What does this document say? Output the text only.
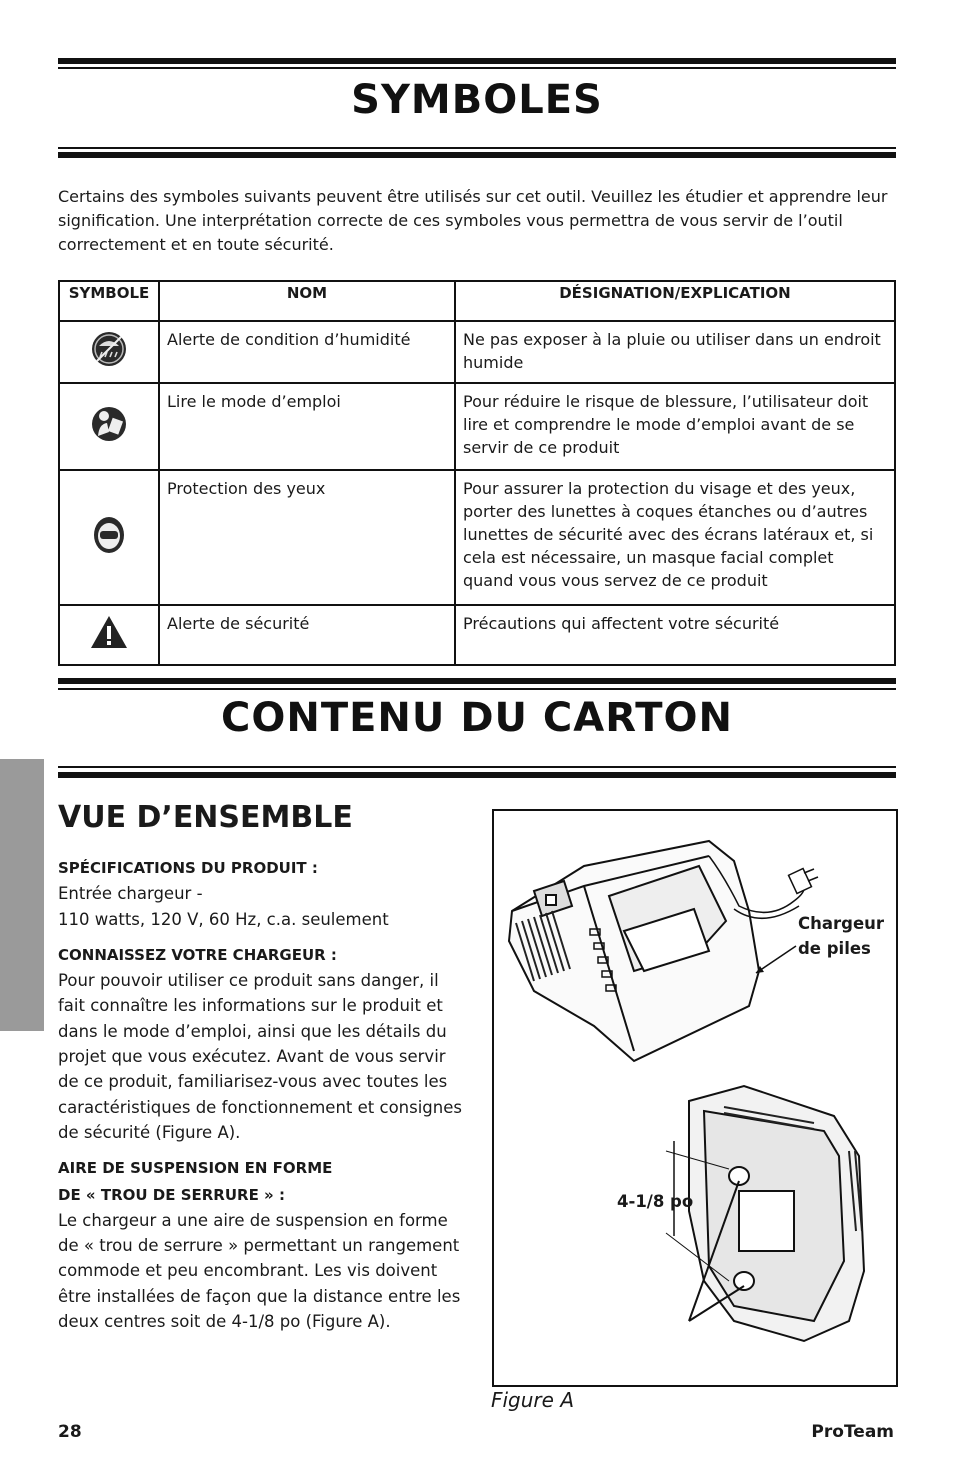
SYMBOLES

Certains des symboles suivants peuvent être utilisés sur cet outil. Veuillez les étudier et apprendre leur signification. Une interprétation correcte de ces symboles vous permettra de vous servir de l’outil correctement et en toute sécurité.

SYMBOLE	NOM	DÉSIGNATION/EXPLICATION
	Alerte de condition d’humidité	Ne pas exposer à la pluie ou utiliser dans un endroit humide
	Lire le mode d’emploi	Pour réduire le risque de blessure, l’utilisateur doit lire et comprendre le mode d’emploi avant de se servir de ce produit
	Protection des yeux	Pour assurer la protection du visage et des yeux, porter des lunettes à coques étanches ou d’autres lunettes de sécurité avec des écrans latéraux et, si cela est nécessaire, un masque facial complet quand vous vous servez de ce produit
	Alerte de sécurité	Précautions qui affectent votre sécurité
CONTENU DU CARTON
VUE D’ENSEMBLE

SPÉCIFICATIONS DU PRODUIT :
Entrée chargeur -
110 watts, 120 V, 60 Hz, c.a. seulement

CONNAISSEZ VOTRE CHARGEUR :
Pour pouvoir utiliser ce produit sans danger, il fait connaître les informations sur le produit et dans le mode d’emploi, ainsi que les détails du projet que vous exécutez. Avant de vous servir de ce produit, familiarisez-vous avec toutes les caractéristiques de fonctionnement et consignes de sécurité (Figure A).

AIRE DE SUSPENSION EN FORME
DE « TROU DE SERRURE » :
Le chargeur a une aire de suspension en forme de « trou de serrure » permettant un rangement commode et peu encombrant. Les vis doivent être installées de façon que la distance entre les deux centres soit de 4-1/8 po (Figure A).

Chargeur
de piles
4-1/8 po
Figure A
28	ProTeam
